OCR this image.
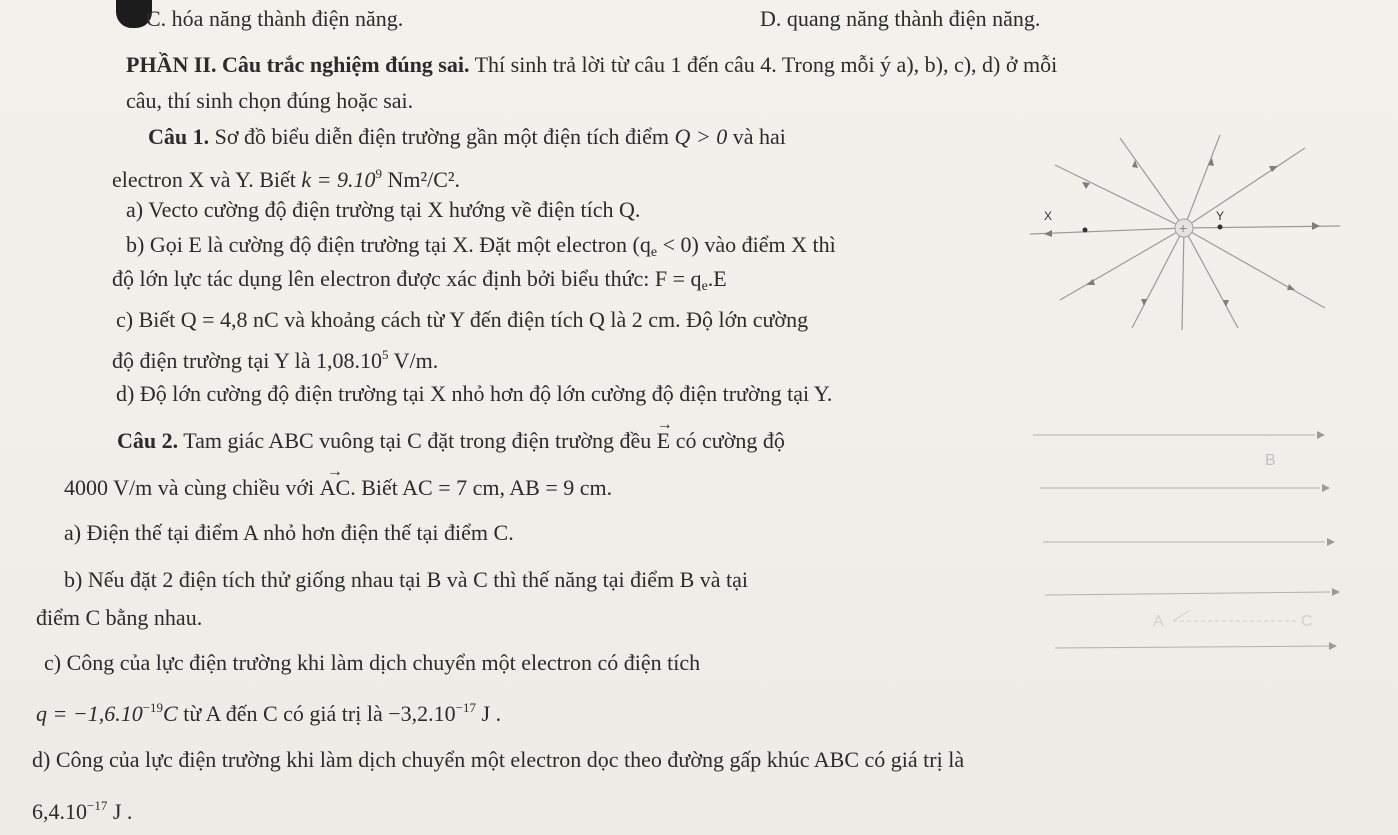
C. hóa năng thành điện năng.	D. quang năng thành điện năng.
PHẦN II. Câu trắc nghiệm đúng sai. Thí sinh trả lời từ câu 1 đến câu 4. Trong mỗi ý a), b), c), d) ở mỗi
câu, thí sinh chọn đúng hoặc sai.
Câu 1. Sơ đồ biểu diễn điện trường gần một điện tích điểm Q > 0 và hai
electron X và Y. Biết $k = 9.10^9$ Nm²/C².
a) Vecto cường độ điện trường tại X hướng về điện tích Q.
b) Gọi E là cường độ điện trường tại X. Đặt một electron $(q_e < 0)$ vào điểm X thì
độ lớn lực tác dụng lên electron được xác định bởi biểu thức: $F = q_e.E$
c) Biết Q = 4,8 nC và khoảng cách từ Y đến điện tích Q là 2 cm. Độ lớn cường
độ điện trường tại Y là 1,08.10$^5$ V/m.
d) Độ lớn cường độ điện trường tại X nhỏ hơn độ lớn cường độ điện trường tại Y.
+
X	Y
Câu 2. Tam giác ABC vuông tại C đặt trong điện trường đều → E có cường độ
4000 V/m và cùng chiều với → AC. Biết AC = 7 cm, AB = 9 cm.
a) Điện thế tại điểm A nhỏ hơn điện thế tại điểm C.
b) Nếu đặt 2 điện tích thử giống nhau tại B và C thì thế năng tại điểm B và tại
điểm C bằng nhau.
c) Công của lực điện trường khi làm dịch chuyển một electron có điện tích
$q = -1,6.10^{-19}C$ từ A đến C có giá trị là $-3,2.10^{-17}$ J .
d) Công của lực điện trường khi làm dịch chuyển một electron dọc theo đường gấp khúc ABC có giá trị là
$6,4.10^{-17}$ J .
B
A	C
